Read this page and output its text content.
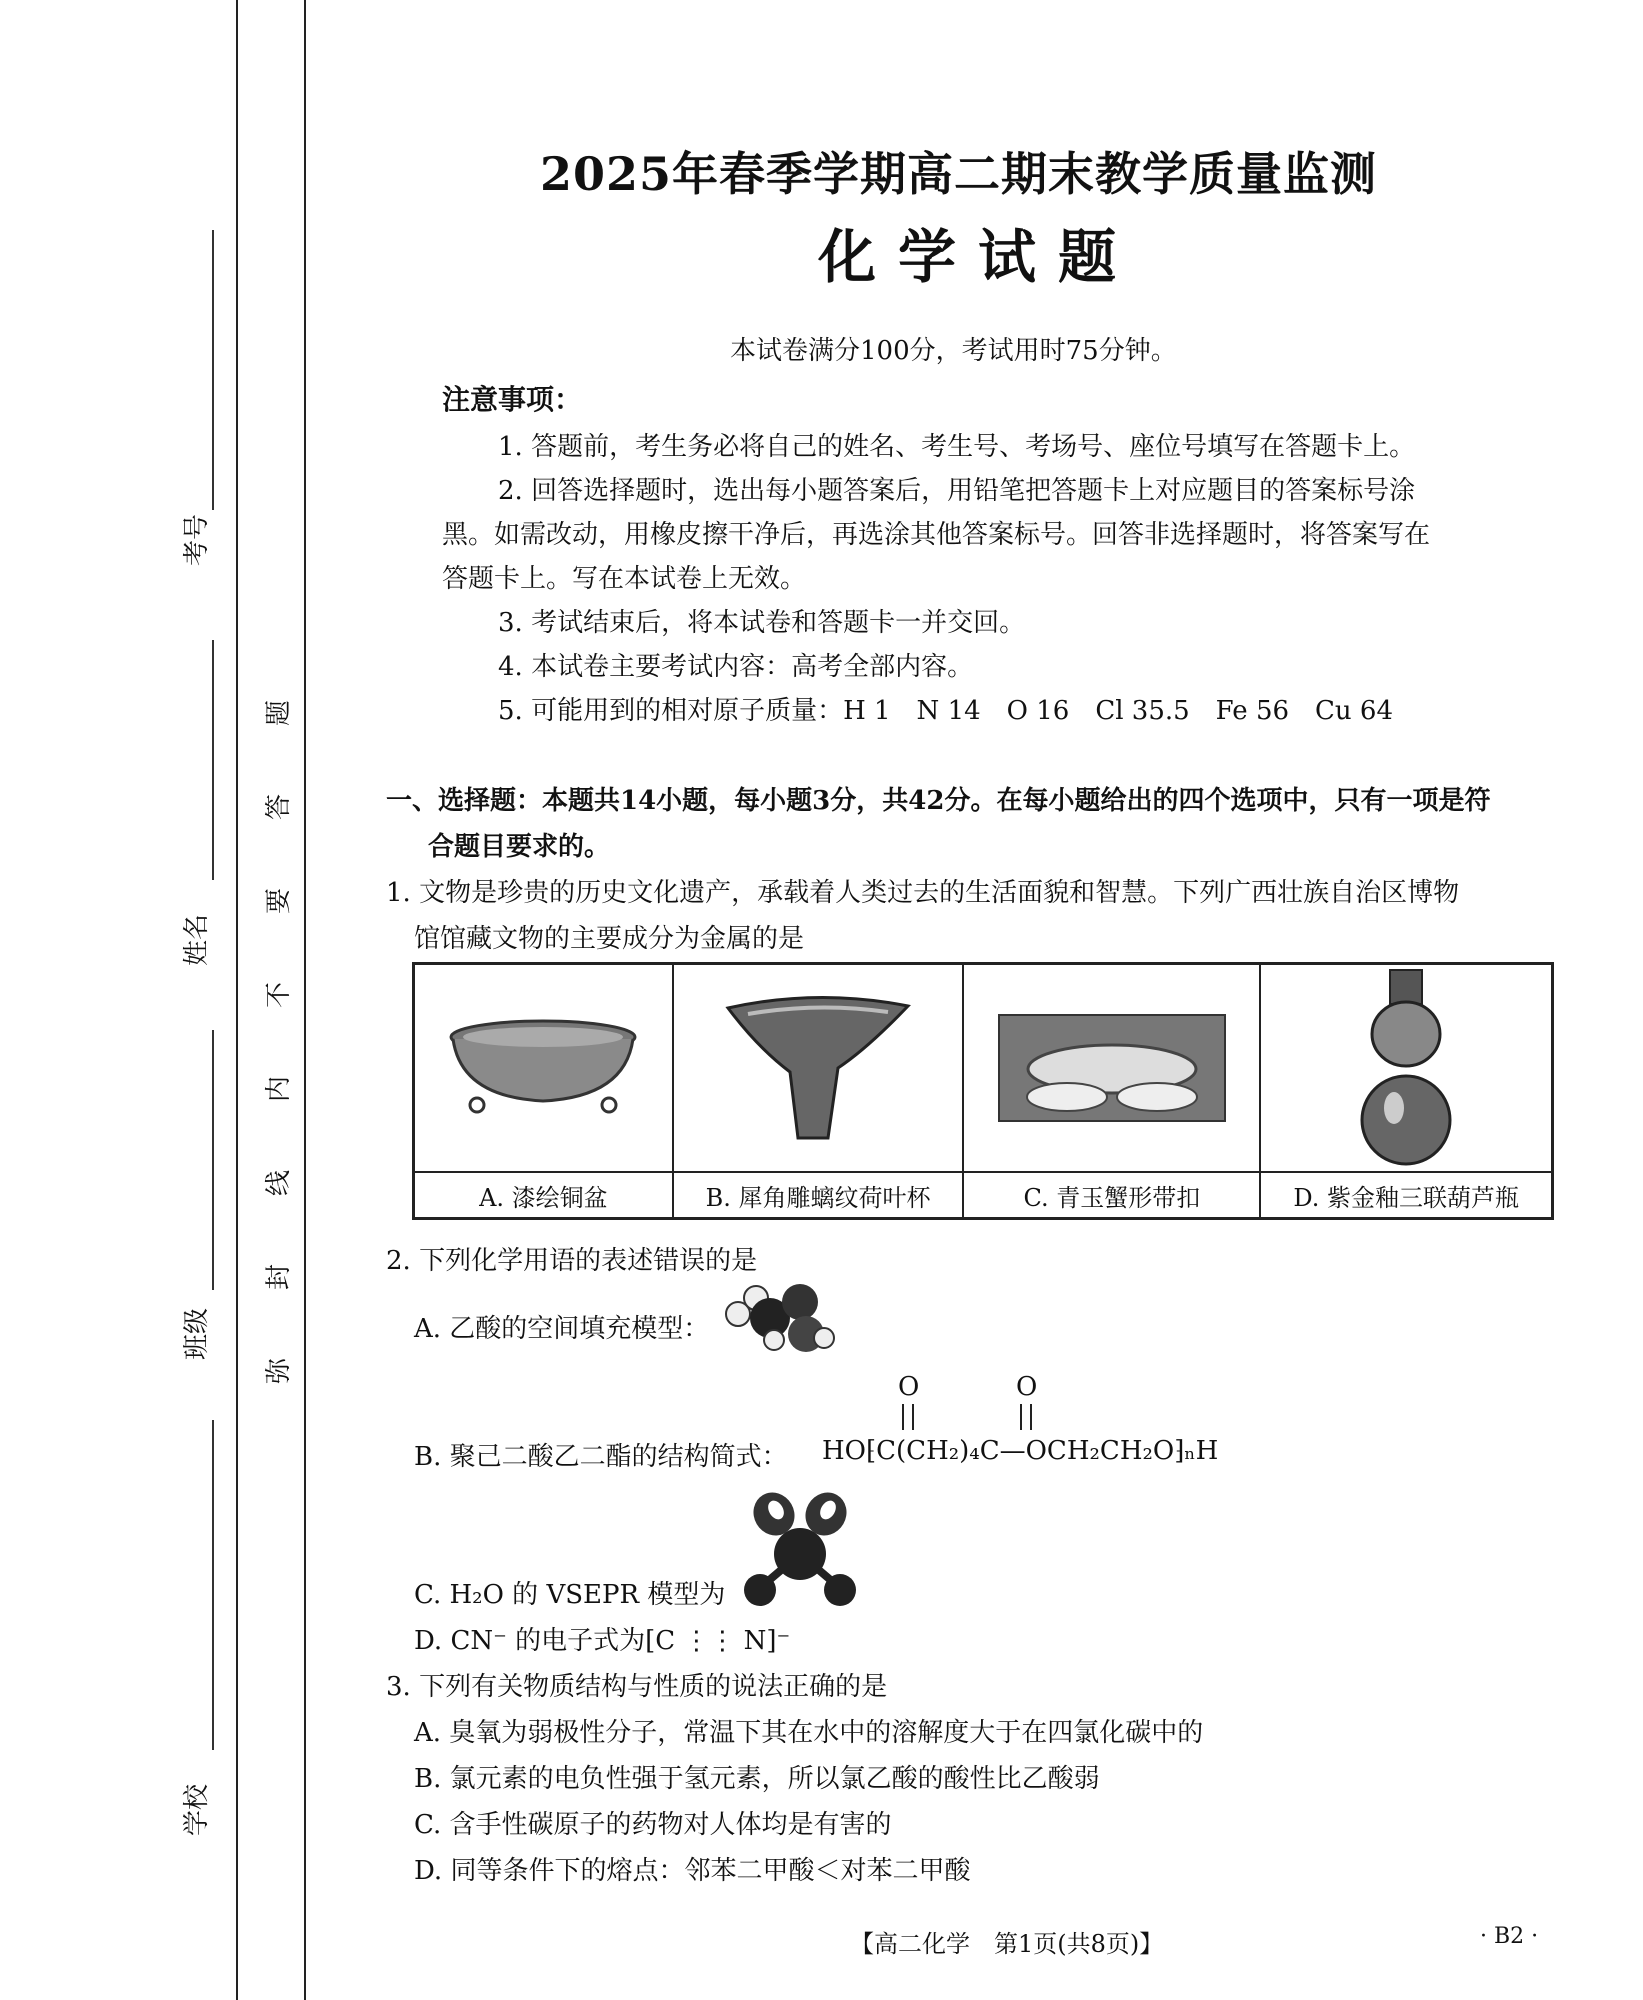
考号
姓名
班级
学校
弥
封
线
内
不
要
答
题
2025年春季学期高二期末教学质量监测
化学试题
本试卷满分100分，考试用时75分钟。
注意事项：
1. 答题前，考生务必将自己的姓名、考生号、考场号、座位号填写在答题卡上。
2. 回答选择题时，选出每小题答案后，用铅笔把答题卡上对应题目的答案标号涂
黑。如需改动，用橡皮擦干净后，再选涂其他答案标号。回答非选择题时，将答案写在
答题卡上。写在本试卷上无效。
3. 考试结束后，将本试卷和答题卡一并交回。
4. 本试卷主要考试内容：高考全部内容。
5. 可能用到的相对原子质量：H 1　N 14　O 16　Cl 35.5　Fe 56　Cu 64
一、选择题：本题共14小题，每小题3分，共42分。在每小题给出的四个选项中，只有一项是符
合题目要求的。
1. 文物是珍贵的历史文化遗产，承载着人类过去的生活面貌和智慧。下列广西壮族自治区博物
馆馆藏文物的主要成分为金属的是

A. 漆绘铜盆	B. 犀角雕螭纹荷叶杯	C. 青玉蟹形带扣	D. 紫金釉三联葫芦瓶
2. 下列化学用语的表述错误的是
A. 乙酸的空间填充模型：
B. 聚己二酸乙二酯的结构简式：
O	O
HO⁅C(CH₂)₄C—OCH₂CH₂O⁆ₙH
C. H₂O 的 VSEPR 模型为
D. CN⁻ 的电子式为[C ⋮⋮ N]⁻
3. 下列有关物质结构与性质的说法正确的是
A. 臭氧为弱极性分子，常温下其在水中的溶解度大于在四氯化碳中的
B. 氯元素的电负性强于氢元素，所以氯乙酸的酸性比乙酸弱
C. 含手性碳原子的药物对人体均是有害的
D. 同等条件下的熔点：邻苯二甲酸＜对苯二甲酸
【高二化学　第1页(共8页)】	· B2 ·
